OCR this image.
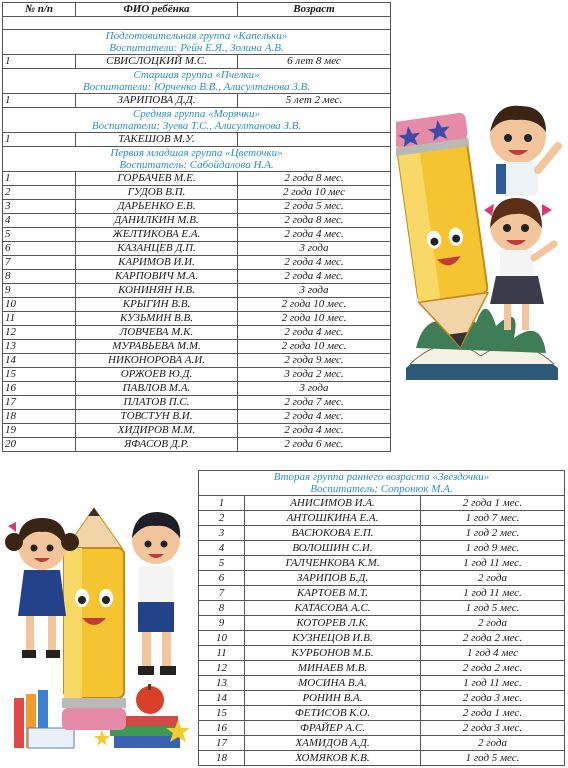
№ п/п	ФИО ребёнка	Возраст

Подготовительная группа «Капельки»
Воспитатели: Рейн Е.Я., Золина А.В.		

1	СВИСЛОЦКИЙ М.С.	6 лет 8 мес

Старшая группа «Пчелки»
Воспитатели: Юрченко В.В., Алисултанова З.В.		

1	ЗАРИПОВА Д.Д.	5 лет 2 мес.

Средняя группа «Морячки»
Воспитатели: Зуева Т.С., Алисултанова З.В.		

1	ТАКЕШОВ М.У.	

Первая младшая группа «Цветочки»
Воспитатель: Сабойдалова Н.А.		

1	ГОРБАЧЕВ М.Е.	2 года 8 мес.
2	ГУДОВ В.П.	2 года 10 мес
3	ДАРЬЕНКО Е.В.	2 года 5 мес.
4	ДАНИЛКИН М.В.	2 года 8 мес.
5	ЖЕЛТИКОВА Е.А.	2 года 4 мес.
6	КАЗАНЦЕВ Д.П.	3 года
7	КАРИМОВ И.И.	2 года 4 мес.
8	КАРПОВИЧ М.А.	2 года 4 мес.
9	КОНИНЯН Н.В.	3 года
10	КРЫГИН В.В.	2 года 10 мес.
11	КУЗЬМИН В.В.	2 года 10 мес.
12	ЛОВЧЕВА М.К.	2 года 4 мес.
13	МУРАВЬЕВА М.М.	2 года 10 мес.
14	НИКОНОРОВА А.И.	2 года 9 мес.
15	ОРЖОЕВ Ю.Д.	3 года 2 мес.
16	ПАВЛОВ М.А.	3 года
17	ПЛАТОВ П.С.	2 года 7 мес.
18	ТОВСТУН В.И.	2 года 4 мес.
19	ХИДИРОВ М.М.	2 года 4 мес.
20	ЯФАСОВ Д.Р.	2 года 6 мес.
Вторая группа раннего возраста «Звездочки»
Воспитатель: Сопронюк М.А.		

1	АНИСИМОВ И.А.	2 года 1 мес.
2	АНТОШКИНА Е.А.	1 год 7 мес.
3	ВАСЮКОВА Е.П.	1 год 2 мес.
4	ВОЛОШИН С.И.	1 год 9 мес.
5	ГАЛЧЕНКОВА К.М.	1 год 11 мес.
6	ЗАРИПОВ Б.Д.	2 года
7	КАРТОЕВ М.Т.	1 год 11 мес.
8	КАТАСОВА А.С.	1 год 5 мес.
9	КОТОРЕВ Л.К.	2 года
10	КУЗНЕЦОВ И.В.	2 года 2 мес.
11	КУРБОНОВ М.Б.	1 год 4 мес
12	МИНАЕВ М.В.	2 года 2 мес.
13	МОСИНА В.А.	1 год 11 мес.
14	РОНИН В.А.	2 года 3 мес.
15	ФЕТИСОВ К.О.	2 года 1 мес.
16	ФРАЙЕР А.С.	2 года 3 мес.
17	ХАМИДОВ А.Д.	2 года
18	ХОМЯКОВ К.В.	1 год 5 мес.
